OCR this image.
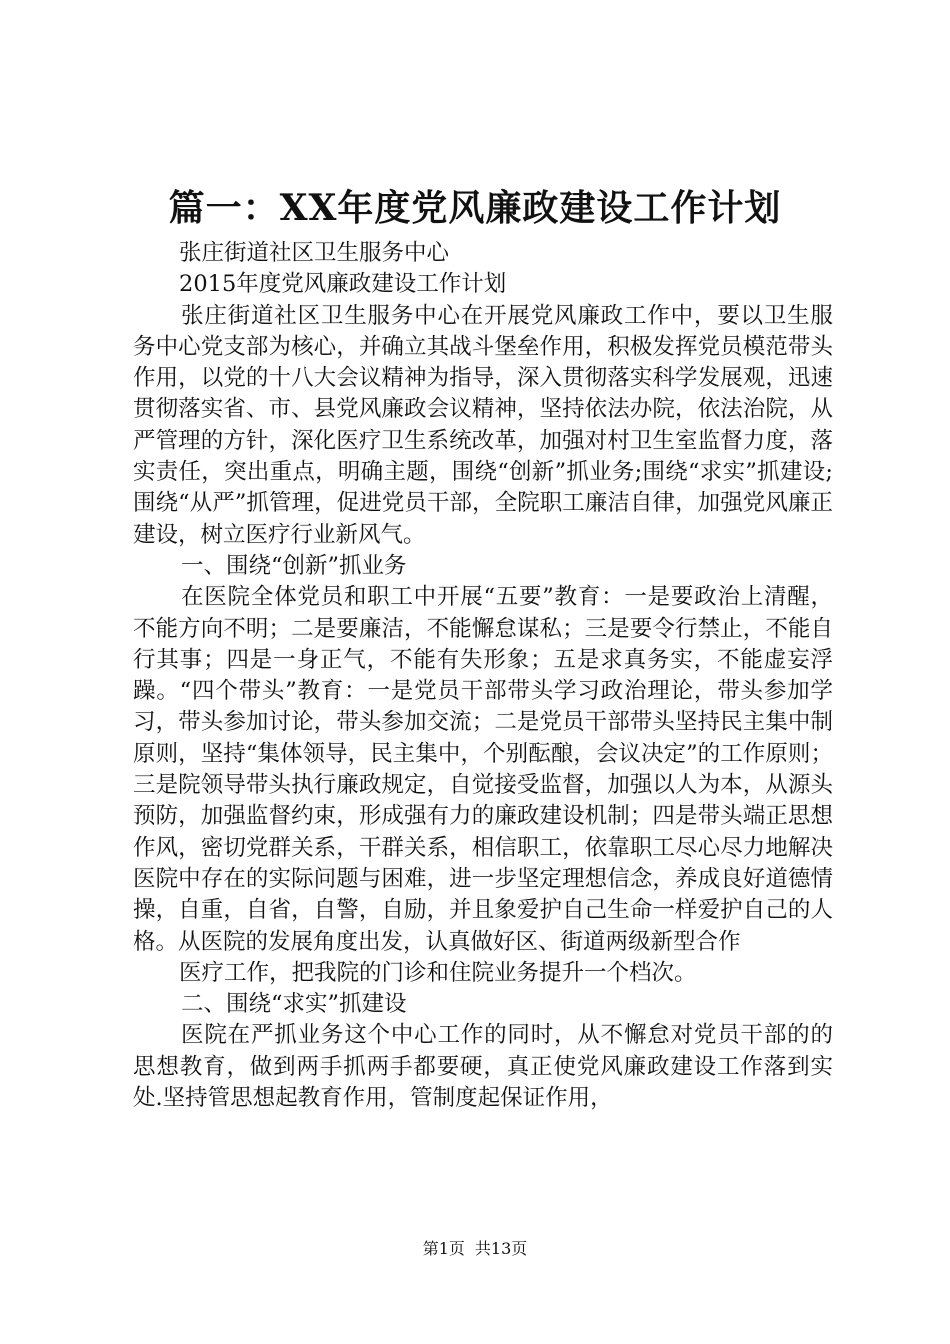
篇一：XX年度党风廉政建设工作计划

张庄街道社区卫生服务中心

2015年度党风廉政建设工作计划

张庄街道社区卫生服务中心在开展党风廉政工作中，要以卫生服务中心党支部为核心，并确立其战斗堡垒作用，积极发挥党员模范带头作用，以党的十八大会议精神为指导，深入贯彻落实科学发展观，迅速贯彻落实省、市、县党风廉政会议精神，坚持依法办院，依法治院，从严管理的方针，深化医疗卫生系统改革，加强对村卫生室监督力度，落实责任，突出重点，明确主题，围绕“创新”抓业务;围绕“求实”抓建设;围绕“从严”抓管理，促进党员干部，全院职工廉洁自律，加强党风廉正建设，树立医疗行业新风气。

一、围绕“创新”抓业务

在医院全体党员和职工中开展“五要”教育：一是要政治上清醒，不能方向不明；二是要廉洁，不能懈怠谋私；三是要令行禁止，不能自行其事；四是一身正气，不能有失形象；五是求真务实，不能虚妄浮躁。“四个带头”教育：一是党员干部带头学习政治理论，带头参加学习，带头参加讨论，带头参加交流；二是党员干部带头坚持民主集中制原则，坚持“集体领导，民主集中，个别酝酿，会议决定”的工作原则；三是院领导带头执行廉政规定，自觉接受监督，加强以人为本，从源头预防，加强监督约束，形成强有力的廉政建设机制；四是带头端正思想作风，密切党群关系，干群关系，相信职工，依靠职工尽心尽力地解决医院中存在的实际问题与困难，进一步坚定理想信念，养成良好道德情操，自重，自省，自警，自励，并且象爱护自己生命一样爱护自己的人格。从医院的发展角度出发，认真做好区、街道两级新型合作

医疗工作，把我院的门诊和住院业务提升一个档次。

二、围绕“求实”抓建设

医院在严抓业务这个中心工作的同时，从不懈怠对党员干部的的思想教育，做到两手抓两手都要硬，真正使党风廉政建设工作落到实处.坚持管思想起教育作用，管制度起保证作用，

第1页 共13页
